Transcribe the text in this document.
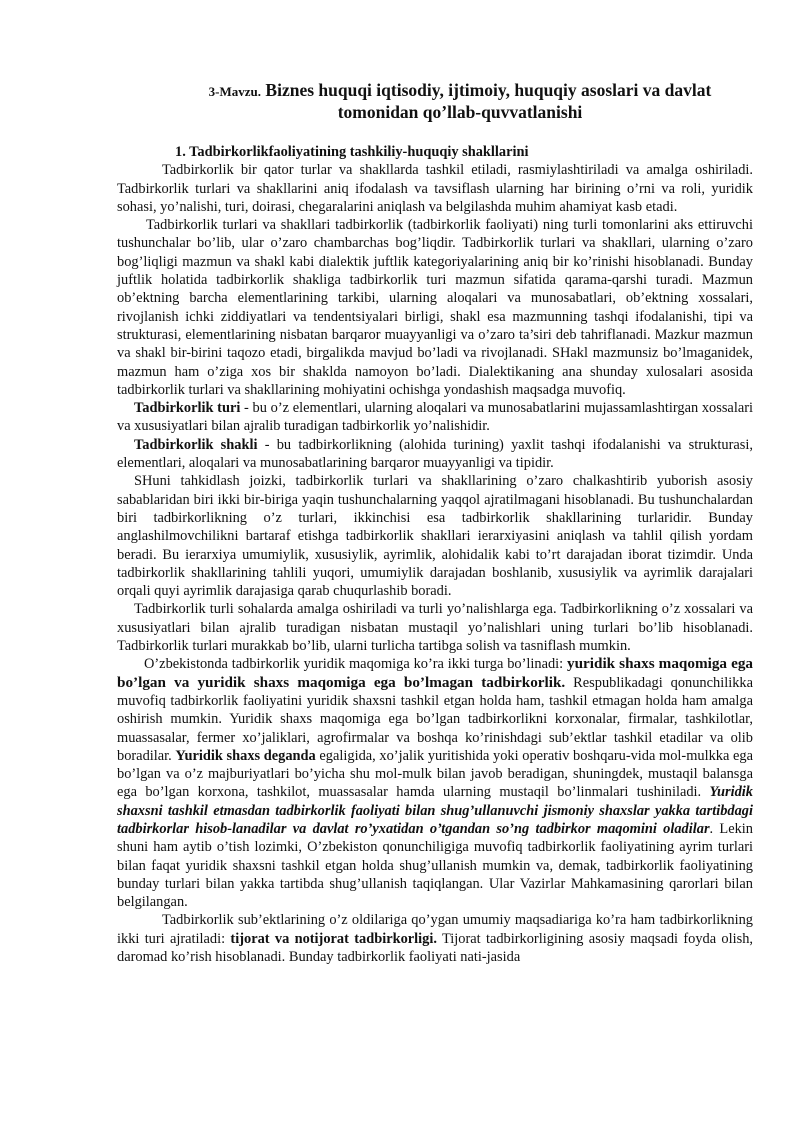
3-Mavzu. Biznes huquqi iqtisodiy, ijtimoiy, huquqiy asoslari va davlat
tomonidan qo’llab-quvvatlanishi

1. Tadbirkorlikfaoliyatining tashkiliy-huquqiy shakllarini

Tadbirkorlik bir qator turlar va shakllarda tashkil etiladi, rasmiylashtiriladi va amalga oshiriladi. Tadbirkorlik turlari va shakllarini aniq ifodalash va tavsiflash ularning har birining o’rni va roli, yuridik sohasi, yo’nalishi, turi, doirasi, chegaralarini aniqlash va belgilashda muhim ahamiyat kasb etadi.

Tadbirkorlik turlari va shakllari tadbirkorlik (tadbirkorlik faoliyati) ning turli tomonlarini aks ettiruvchi tushunchalar bo’lib, ular o’zaro chambarchas bog’liqdir. Tadbirkorlik turlari va shakllari, ularning o’zaro bog’liqligi mazmun va shakl kabi dialektik juftlik kategoriyalarining aniq bir ko’rinishi hisoblanadi. Bunday juftlik holatida tadbirkorlik shakliga tadbirkorlik turi mazmun sifatida qarama-qarshi turadi. Mazmun ob’ektning barcha elementlarining tarkibi, ularning aloqalari va munosabatlari, ob’ektning xossalari, rivojlanish ichki ziddiyatlari va tendentsiyalari birligi, shakl esa mazmunning tashqi ifodalanishi, tipi va strukturasi, elementlarining nisbatan barqaror muayyanligi va o’zaro ta’siri deb tahriflanadi. Mazkur mazmun va shakl bir-birini taqozo etadi, birgalikda mavjud bo’ladi va rivojlanadi. SHakl mazmunsiz bo’lmaganidek, mazmun ham o’ziga xos bir shaklda namoyon bo’ladi. Dialektikaning ana shunday xulosalari asosida tadbirkorlik turlari va shakllarining mohiyatini ochishga yondashish maqsadga muvofiq.

Tadbirkorlik turi - bu o’z elementlari, ularning aloqalari va munosabatlarini mujassamlashtirgan xossalari va xususiyatlari bilan ajralib turadigan tadbirkorlik yo’nalishidir.

Tadbirkorlik shakli - bu tadbirkorlikning (alohida turining) yaxlit tashqi ifodalanishi va strukturasi, elementlari, aloqalari va munosabatlarining barqaror muayyanligi va tipidir.

SHuni tahkidlash joizki, tadbirkorlik turlari va shakllarining o’zaro chalkashtirib yuborish asosiy sabablaridan biri ikki bir-biriga yaqin tushunchalarning yaqqol ajratilmagani hisoblanadi. Bu tushunchalardan biri tadbirkorlikning o’z turlari, ikkinchisi esa tadbirkorlik shakllarining turlaridir. Bunday anglashilmovchilikni bartaraf etishga tadbirkorlik shakllari ierarxiyasini aniqlash va tahlil qilish yordam beradi. Bu ierarxiya umumiylik, xususiylik, ayrimlik, alohidalik kabi to’rt darajadan iborat tizimdir. Unda tadbirkorlik shakllarining tahlili yuqori, umumiylik darajadan boshlanib, xususiylik va ayrimlik darajalari orqali quyi ayrimlik darajasiga qarab chuqurlashib boradi.

Tadbirkorlik turli sohalarda amalga oshiriladi va turli yo’nalishlarga ega. Tadbirkorlikning o’z xossalari va xususiyatlari bilan ajralib turadigan nisbatan mustaqil yo’nalishlari uning turlari bo’lib hisoblanadi. Tadbirkorlik turlari murakkab bo’lib, ularni turlicha tartibga solish va tasniflash mumkin.

O’zbekistonda tadbirkorlik yuridik maqomiga ko’ra ikki turga bo’linadi: yuridik shaxs maqomiga ega bo’lgan va yuridik shaxs maqomiga ega bo’lmagan tadbirkorlik. Respublikadagi qonunchilikka muvofiq tadbirkorlik faoliyatini yuridik shaxsni tashkil etgan holda ham, tashkil etmagan holda ham amalga oshirish mumkin. Yuridik shaxs maqomiga ega bo’lgan tadbirkorlikni korxonalar, firmalar, tashkilotlar, muassasalar, fermer xo’jaliklari, agrofirmalar va boshqa ko’rinishdagi sub’ektlar tashkil etadilar va olib boradilar. Yuridik shaxs deganda egaligida, xo’jalik yuritishida yoki operativ boshqaru-vida mol-mulkka ega bo’lgan va o’z majburiyatlari bo’yicha shu mol-mulk bilan javob beradigan, shuningdek, mustaqil balansga ega bo’lgan korxona, tashkilot, muassasalar hamda ularning mustaqil bo’linmalari tushiniladi. Yuridik shaxsni tashkil etmasdan tadbirkorlik faoliyati bilan shug’ullanuvchi jismoniy shaxslar yakka tartibdagi tadbirkorlar hisob-lanadilar va davlat ro’yxatidan o’tgandan so’ng tadbirkor maqomini oladilar. Lekin shuni ham aytib o’tish lozimki, O’zbekiston qonunchiligiga muvofiq tadbirkorlik faoliyatining ayrim turlari bilan faqat yuridik shaxsni tashkil etgan holda shug’ullanish mumkin va, demak, tadbirkorlik faoliyatining bunday turlari bilan yakka tartibda shug’ullanish taqiqlangan. Ular Vazirlar Mahkamasining qarorlari bilan belgilangan.

Tadbirkorlik sub’ektlarining o’z oldilariga qo’ygan umumiy maqsadiariga ko’ra ham tadbirkorlikning ikki turi ajratiladi: tijorat va notijorat tadbirkorligi. Tijorat tadbirkorligining asosiy maqsadi foyda olish, daromad ko’rish hisoblanadi. Bunday tadbirkorlik faoliyati nati-jasida
